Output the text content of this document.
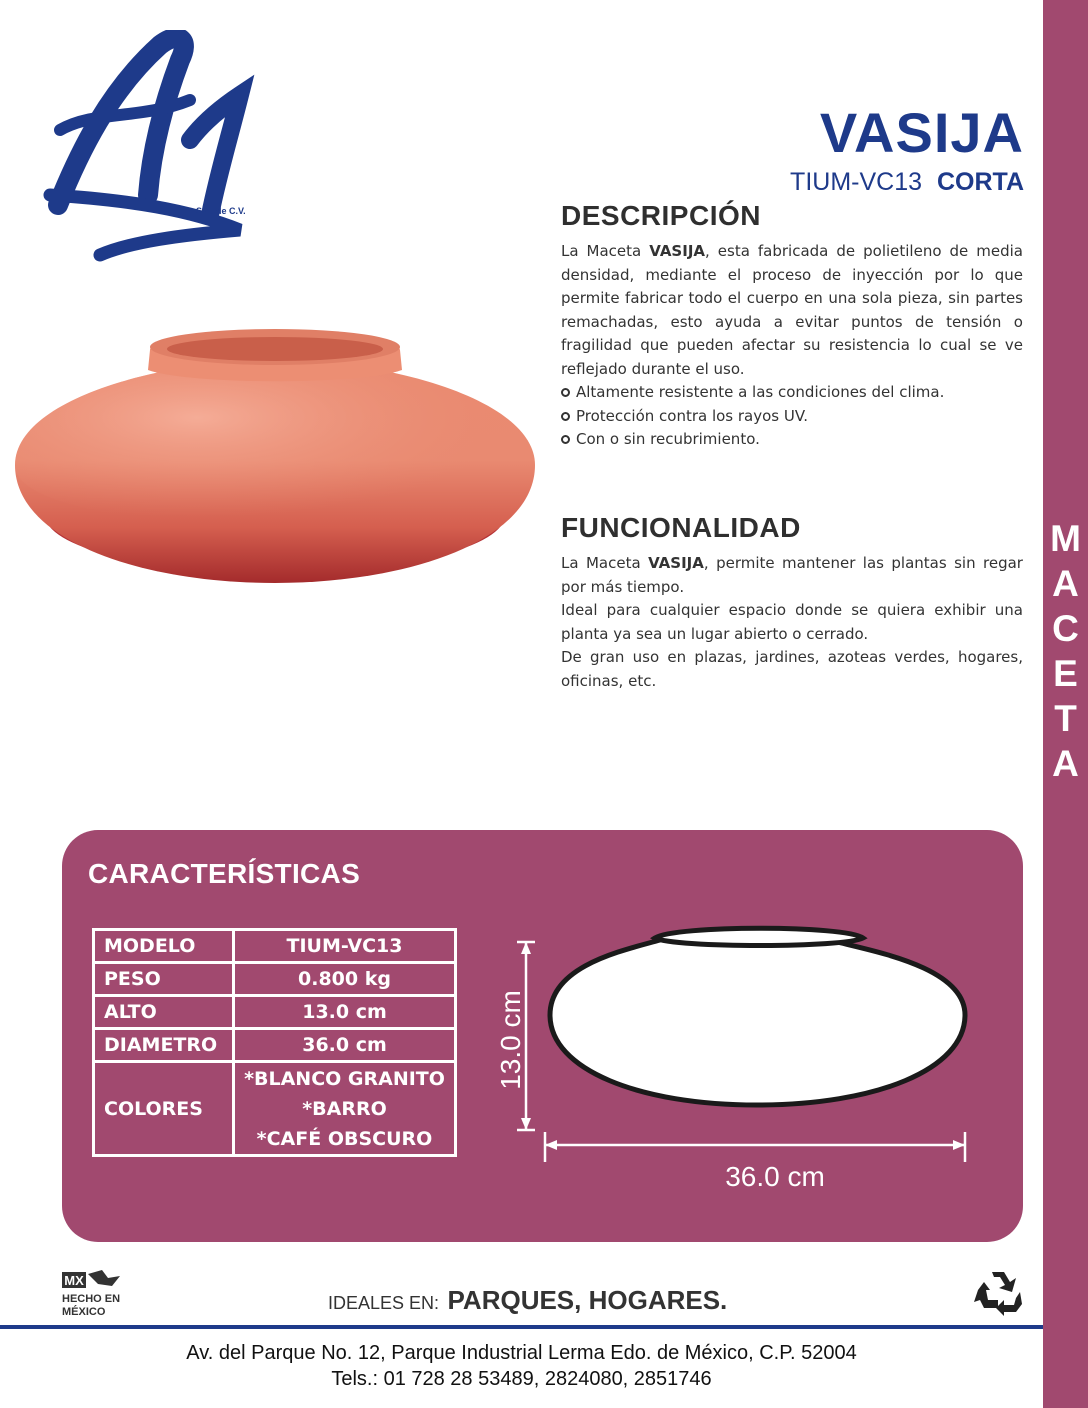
M
A
C
E
T
A
S.A. de C.V.
VASIJA
TIUM-VC13 CORTA
DESCRIPCIÓN

La Maceta VASIJA, esta fabricada de polietileno de media densidad, mediante el proceso de inyección por lo que permite fabricar todo el cuerpo en una sola pieza, sin partes remachadas, esto ayuda a evitar puntos de tensión o fragilidad que pueden afectar su resistencia lo cual se ve reflejado durante el uso.

Altamente resistente a las condiciones del clima.
Protección contra los rayos UV.
Con o sin recubrimiento.
FUNCIONALIDAD

La Maceta VASIJA, permite mantener las plantas sin regar por más tiempo.

Ideal para cualquier espacio donde se quiera exhibir una planta ya sea un lugar abierto o cerrado.

De gran uso en plazas, jardines, azoteas verdes, hogares, oficinas, etc.

CARACTERÍSTICAS
MODELO	TIUM-VC13
PESO	0.800 kg
ALTO	13.0 cm
DIAMETRO	36.0 cm
COLORES	*BLANCO GRANITO
*BARRO
*CAFÉ OBSCURO
13.0 cm
36.0 cm
MX
HECHO EN
MÉXICO	IDEALES EN: PARQUES, HOGARES.
Av. del Parque No. 12, Parque Industrial Lerma Edo. de México, C.P. 52004
Tels.: 01 728 28 53489, 2824080, 2851746
